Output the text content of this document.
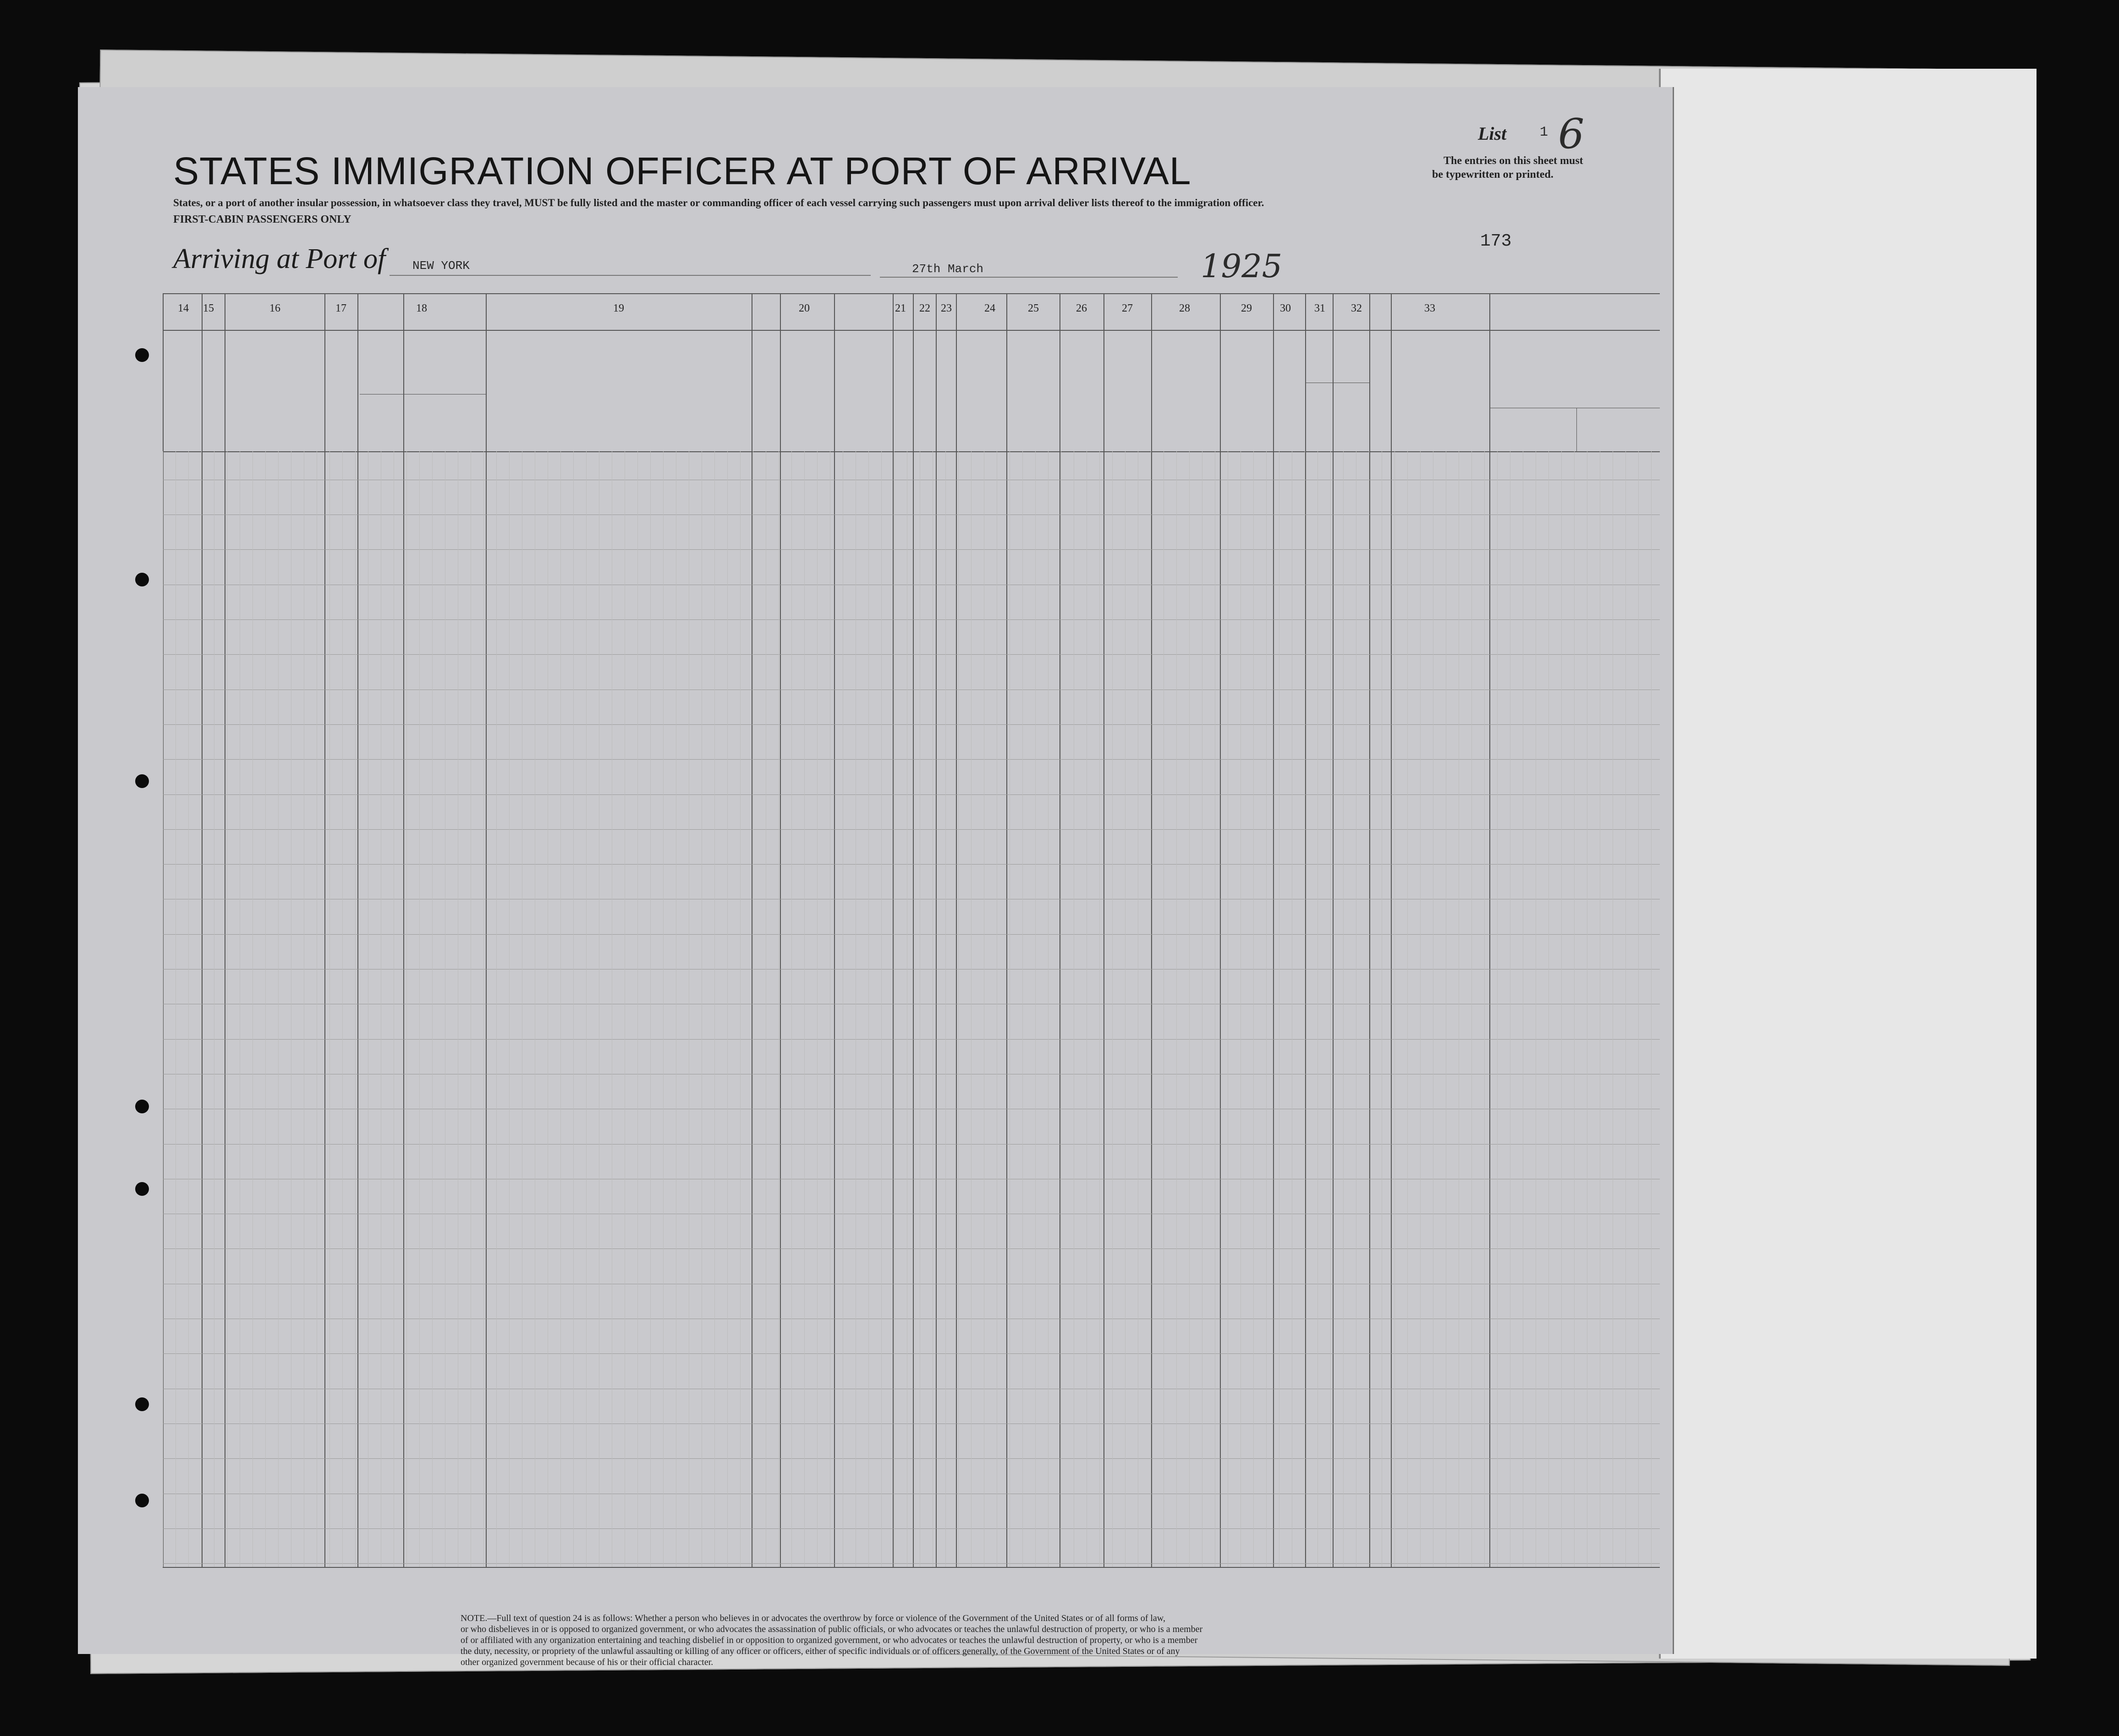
STATES IMMIGRATION OFFICER AT PORT OF ARRIVAL
States, or a port of another insular possession, in whatsoever class they travel, MUST be fully listed and the master or commanding officer of each vessel carrying such passengers must upon arrival deliver lists thereof to the immigration officer.
FIRST-CABIN PASSENGERS ONLY
Arriving at Port of NEW YORK	27th March	1925
173
List 1 6
The entries on this sheet must
be typewritten or printed.
14	15	16	17	18	19	20	21	22 23	24	25	26	27	28	29	30	31	32	33
NOTE.—Full text of question 24 is as follows: Whether a person who believes in or advocates the overthrow by force or violence of the Government of the United States or of all forms of law,
or who disbelieves in or is opposed to organized government, or who advocates the assassination of public officials, or who advocates or teaches the unlawful destruction of property, or who is a member
of or affiliated with any organization entertaining and teaching disbelief in or opposition to organized government, or who advocates or teaches the unlawful destruction of property, or who is a member
the duty, necessity, or propriety of the unlawful assaulting or killing of any officer or officers, either of specific individuals or of officers generally, of the Government of the United States or of any
other organized government because of his or their official character.
